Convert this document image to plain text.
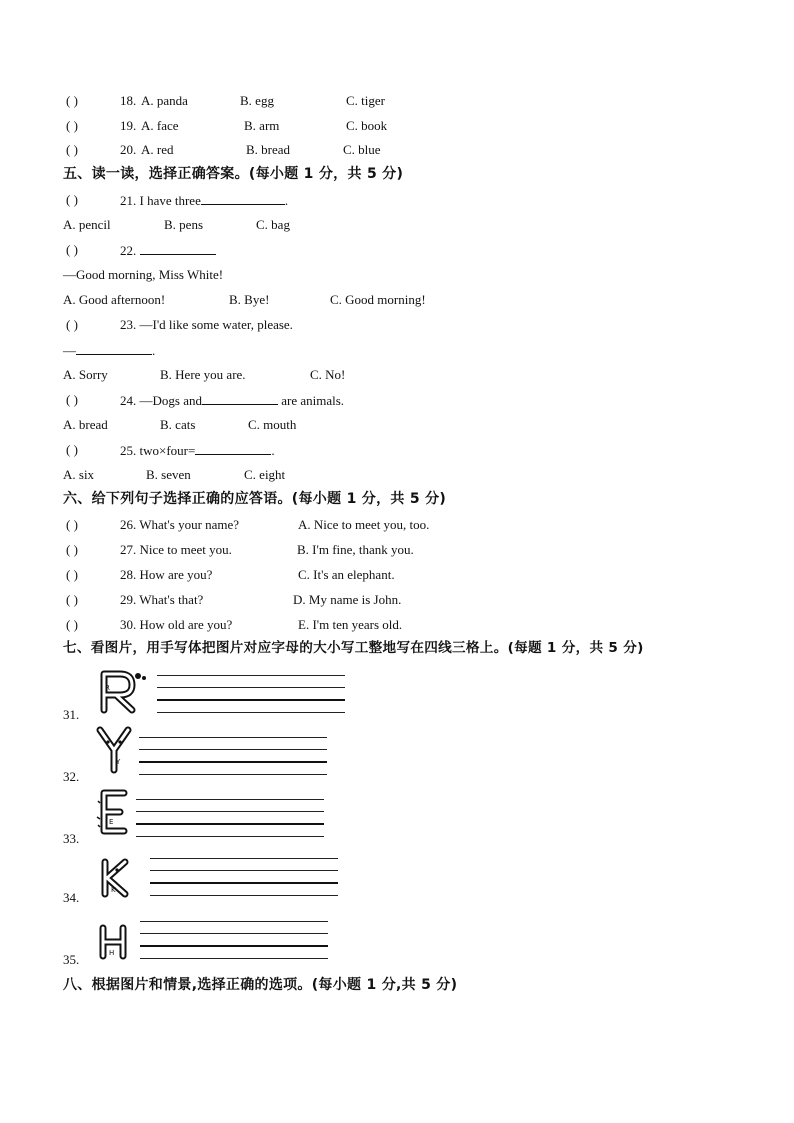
( )	18. A. panda	B. egg	C. tiger
( )	19. A. face	B. arm	C. book
( )	20. A. red	B. bread	C. blue
五、读一读，选择正确答案。(每小题 1 分，共 5 分)
( )	21. I have three	.
A. pencil	B. pens	C. bag
( )	22.
—Good morning, Miss White!
A. Good afternoon!	B. Bye!	C. Good morning!
( )	23. —I'd like some water, please.
—	.
A. Sorry	B. Here you are.	C. No!
( )	24. —Dogs and	are animals.
A. bread	B. cats	C. mouth
( )	25. two×four=	.
A. six	B. seven	C. eight
六、给下列句子选择正确的应答语。(每小题 1 分，共 5 分)
( )	26. What's your name?	A. Nice to meet you, too.
( )	27. Nice to meet you.	B. I'm fine, thank you.
( )	28. How are you?	C. It's an elephant.
( )	29. What's that?	D. My name is John.
( )	30. How old are you?	E. I'm ten years old.
七、看图片，用手写体把图片对应字母的大小写工整地写在四线三格上。(每题 1 分，共 5 分)
31.
R
32.
Y
33.
E
34.	K
35.	H
八、根据图片和情景,选择正确的选项。(每小题 1 分,共 5 分)
